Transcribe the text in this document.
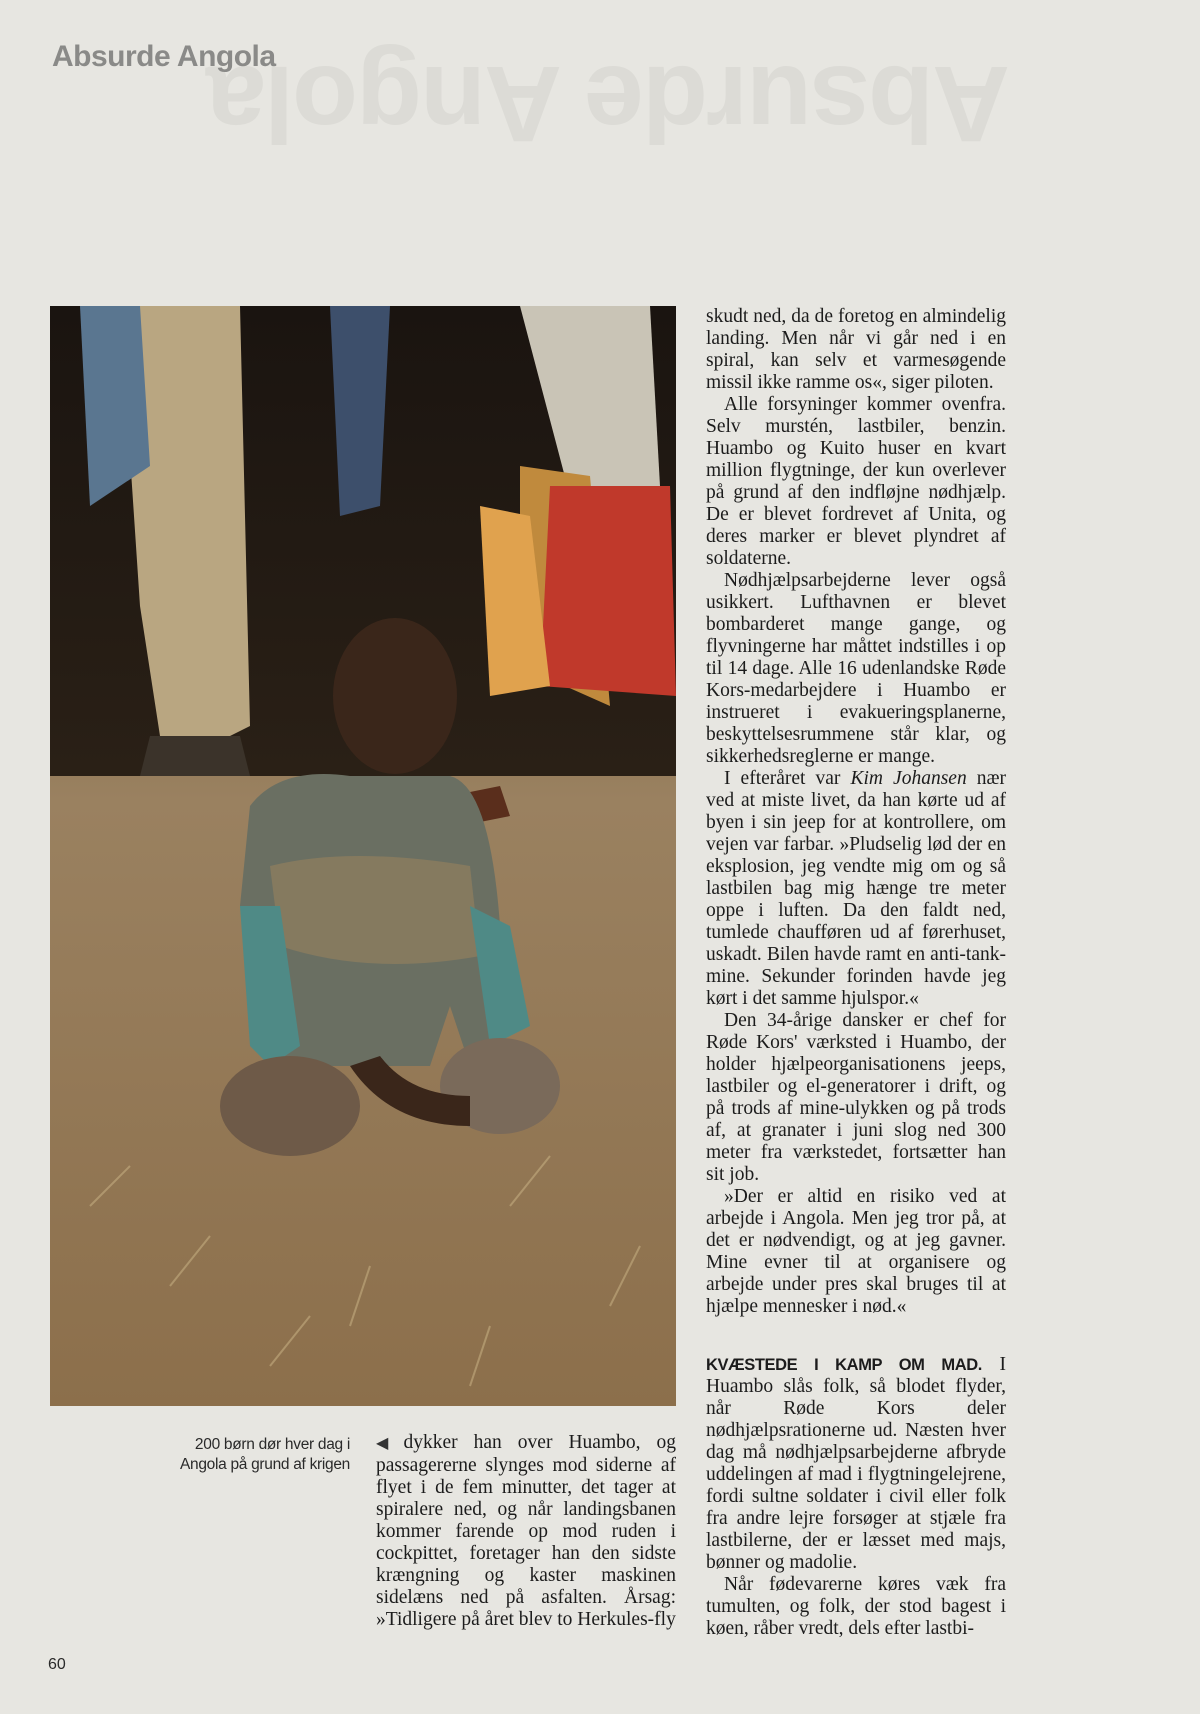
Absurde Angola
Absurde Angola
200 børn dør hver dag i Angola på grund af krigen

◀ dykker han over Huambo, og passagererne slynges mod siderne af flyet i de fem minutter, det tager at spiralere ned, og når landingsbanen kommer farende op mod ruden i cockpittet, foretager han den sidste krængning og kaster maskinen sidelæns ned på asfalten. Årsag: »Tidligere på året blev to Herkules-fly

skudt ned, da de foretog en almindelig landing. Men når vi går ned i en spiral, kan selv et varmesøgende missil ikke ramme os«, siger piloten.

Alle forsyninger kommer ovenfra. Selv murstén, lastbiler, benzin. Huambo og Kuito huser en kvart million flygtninge, der kun overlever på grund af den indfløjne nødhjælp. De er blevet fordrevet af Unita, og deres marker er blevet plyndret af soldaterne.

Nødhjælpsarbejderne lever også usikkert. Lufthavnen er blevet bombarderet mange gange, og flyvningerne har måttet indstilles i op til 14 dage. Alle 16 udenlandske Røde Kors-medarbejdere i Huambo er instrueret i evakueringsplanerne, beskyttelsesrummene står klar, og sikkerhedsreglerne er mange.

I efteråret var Kim Johansen nær ved at miste livet, da han kørte ud af byen i sin jeep for at kontrollere, om vejen var farbar. »Pludselig lød der en eksplosion, jeg vendte mig om og så lastbilen bag mig hænge tre meter oppe i luften. Da den faldt ned, tumlede chaufføren ud af førerhuset, uskadt. Bilen havde ramt en anti-tank-mine. Sekunder forinden havde jeg kørt i det samme hjulspor.«

Den 34-årige dansker er chef for Røde Kors' værksted i Huambo, der holder hjælpeorganisationens jeeps, lastbiler og el-generatorer i drift, og på trods af mine-ulykken og på trods af, at granater i juni slog ned 300 meter fra værkstedet, fortsætter han sit job.

»Der er altid en risiko ved at arbejde i Angola. Men jeg tror på, at det er nødvendigt, og at jeg gavner. Mine evner til at organisere og arbejde under pres skal bruges til at hjælpe mennesker i nød.«

KVÆSTEDE I KAMP OM MAD. I Huambo slås folk, så blodet flyder, når Røde Kors deler nødhjælpsrationerne ud. Næsten hver dag må nødhjælpsarbejderne afbryde uddelingen af mad i flygtningelejrene, fordi sultne soldater i civil eller folk fra andre lejre forsøger at stjæle fra lastbilerne, der er læsset med majs, bønner og madolie.

Når fødevarerne køres væk fra tumulten, og folk, der stod bagest i køen, råber vredt, dels efter lastbi-

60
